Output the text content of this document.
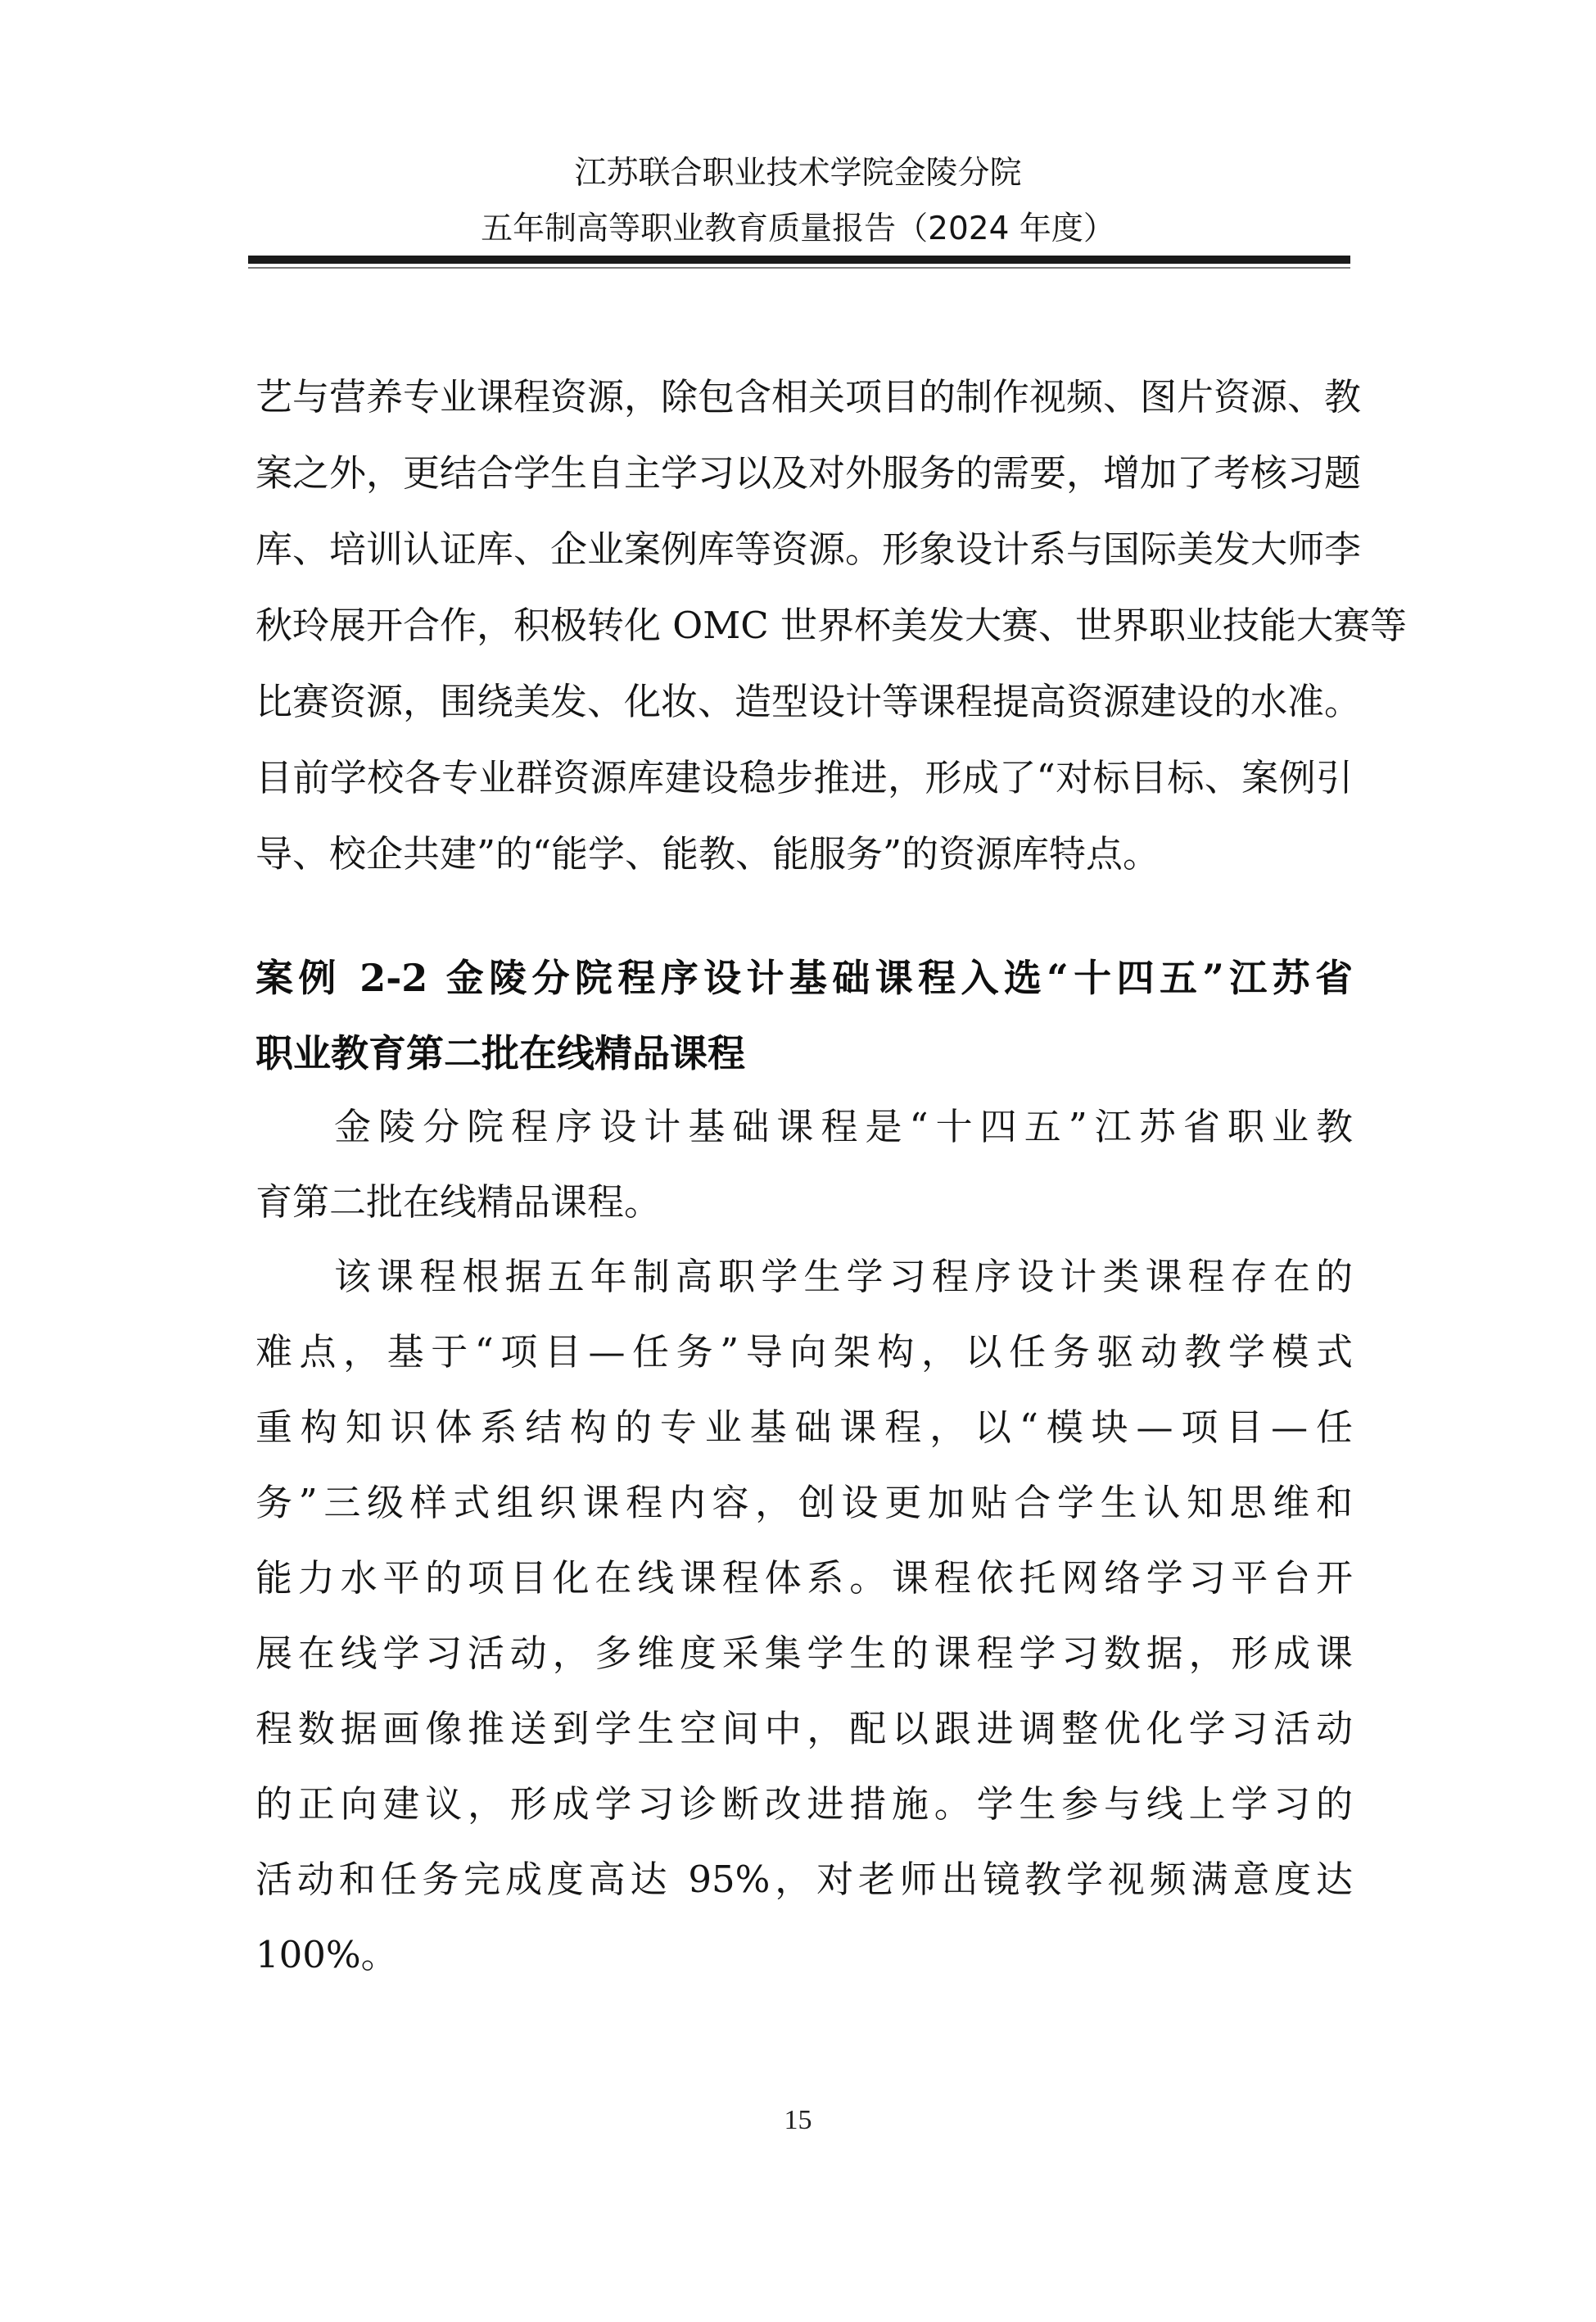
江苏联合职业技术学院金陵分院
五年制高等职业教育质量报告（2024 年度）
艺与营养专业课程资源，除包含相关项目的制作视频、图片资源、教
案之外，更结合学生自主学习以及对外服务的需要，增加了考核习题
库、培训认证库、企业案例库等资源。形象设计系与国际美发大师李
秋玲展开合作，积极转化 OMC 世界杯美发大赛、世界职业技能大赛等
比赛资源，围绕美发、化妆、造型设计等课程提高资源建设的水准。
目前学校各专业群资源库建设稳步推进，形成了“对标目标、案例引
导、校企共建”的“能学、能教、能服务”的资源库特点。
案例 2-2 金陵分院程序设计基础课程入选“十四五”江苏省
职业教育第二批在线精品课程
金陵分院程序设计基础课程是“十四五”江苏省职业教
育第二批在线精品课程。
该课程根据五年制高职学生学习程序设计类课程存在的
难点，基于“项目—任务”导向架构，以任务驱动教学模式
重构知识体系结构的专业基础课程，以“模块—项目—任
务”三级样式组织课程内容，创设更加贴合学生认知思维和
能力水平的项目化在线课程体系。课程依托网络学习平台开
展在线学习活动，多维度采集学生的课程学习数据，形成课
程数据画像推送到学生空间中，配以跟进调整优化学习活动
的正向建议，形成学习诊断改进措施。学生参与线上学习的
活动和任务完成度高达 95%，对老师出镜教学视频满意度达
100%。
15
